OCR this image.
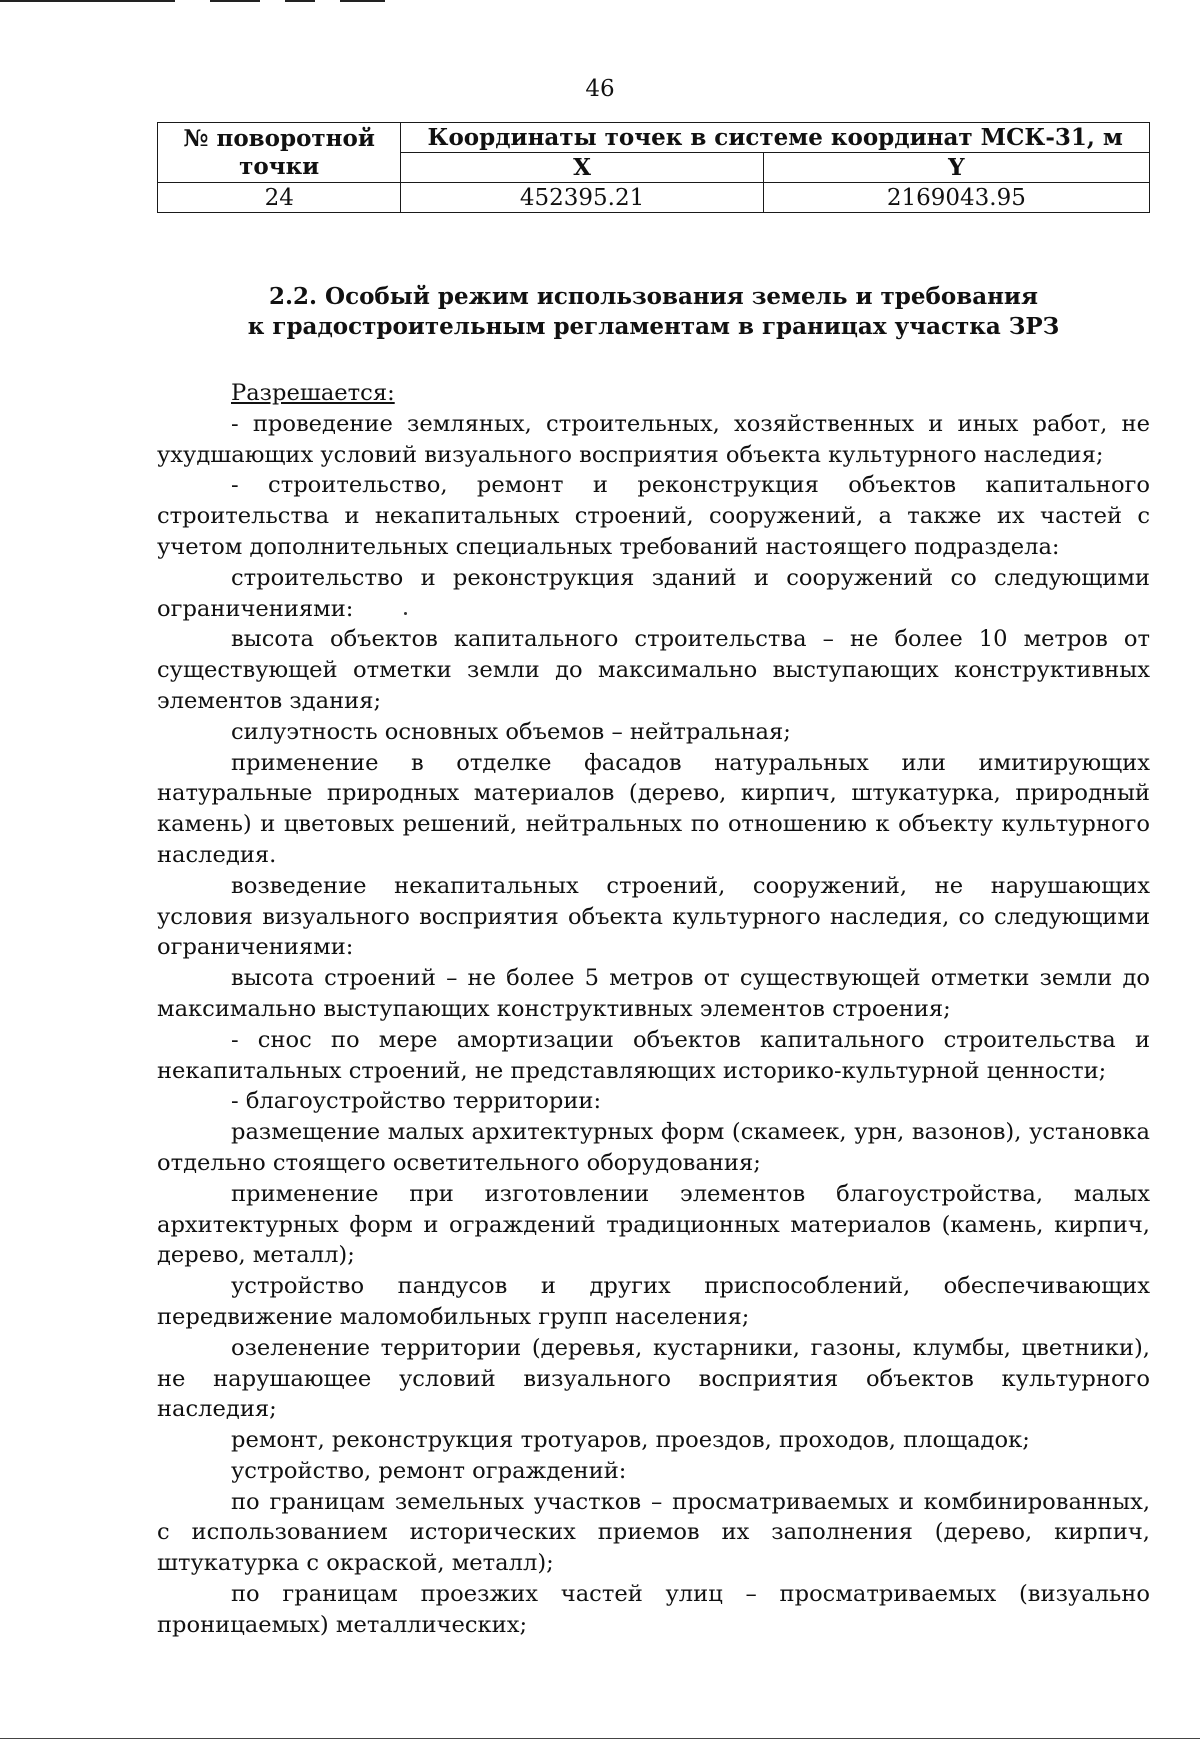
46
№ поворотной точки	Координаты точек в системе координат МСК-31, м	
	X	Y
24	452395.21	2169043.95
2.2. Особый режим использования земель и требования
к градостроительным регламентам в границах участка ЗРЗ

Разрешается:

- проведение земляных, строительных, хозяйственных и иных работ, не ухудшающих условий визуального восприятия объекта культурного наследия;

- строительство, ремонт и реконструкция объектов капитального строительства и некапитальных строений, сооружений, а также их частей с учетом дополнительных специальных требований настоящего подраздела:

строительство и реконструкция зданий и сооружений со следующими ограничениями:

высота объектов капитального строительства – не более 10 метров от существующей отметки земли до максимально выступающих конструктивных элементов здания;

силуэтность основных объемов – нейтральная;

применение в отделке фасадов натуральных или имитирующих натуральные природных материалов (дерево, кирпич, штукатурка, природный камень) и цветовых решений, нейтральных по отношению к объекту культурного наследия.

возведение некапитальных строений, сооружений, не нарушающих условия визуального восприятия объекта культурного наследия, со следующими ограничениями:

высота строений – не более 5 метров от существующей отметки земли до максимально выступающих конструктивных элементов строения;

- снос по мере амортизации объектов капитального строительства и некапитальных строений, не представляющих историко-культурной ценности;

- благоустройство территории:

размещение малых архитектурных форм (скамеек, урн, вазонов), установка отдельно стоящего осветительного оборудования;

применение при изготовлении элементов благоустройства, малых архитектурных форм и ограждений традиционных материалов (камень, кирпич, дерево, металл);

устройство пандусов и других приспособлений, обеспечивающих передвижение маломобильных групп населения;

озеленение территории (деревья, кустарники, газоны, клумбы, цветники), не нарушающее условий визуального восприятия объектов культурного наследия;

ремонт, реконструкция тротуаров, проездов, проходов, площадок;

устройство, ремонт ограждений:

по границам земельных участков – просматриваемых и комбинированных, с использованием исторических приемов их заполнения (дерево, кирпич, штукатурка с окраской, металл);

по границам проезжих частей улиц – просматриваемых (визуально проницаемых) металлических;
